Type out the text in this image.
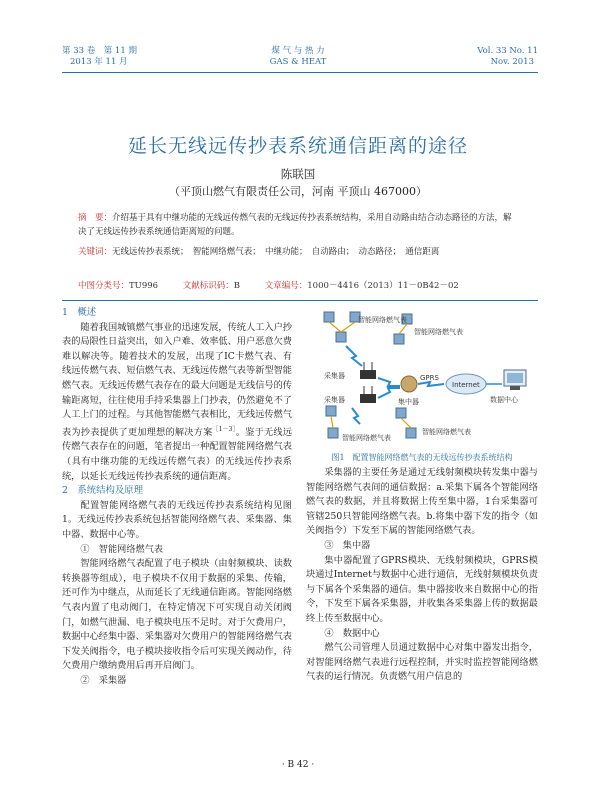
第 33 卷　第 11 期
2013 年 11 月
煤 气 与 热 力
GAS & HEAT
Vol. 33 No. 11
Nov. 2013
延长无线远传抄表系统通信距离的途径
陈联国
（平顶山燃气有限责任公司，河南 平顶山 467000）
摘　要：介绍基于具有中继功能的无线远传燃气表的无线远传抄表系统结构，采用自动路由结合动态路径的方法，解决了无线远传抄表系统通信距离短的问题。
关键词：无线远传抄表系统；　智能网络燃气表；　中继功能；　自动路由；　动态路径；　通信距离
中图分类号：TU996	文献标识码：B	文章编号：1000－4416（2013）11－0B42－02

1　概述

随着我国城镇燃气事业的迅速发展，传统人工入户抄表的局限性日益突出，如入户难、效率低、用户恶意欠费难以解决等。随着技术的发展，出现了IC卡燃气表、有线远传燃气表、短信燃气表、无线远传燃气表等新型智能燃气表。无线远传燃气表存在的最大问题是无线信号的传输距离短，往往使用手持采集器上门抄表，仍然避免不了人工上门的过程。与其他智能燃气表相比，无线远传燃气表为抄表提供了更加理想的解决方案$^{[1-3]}$。鉴于无线远传燃气表存在的问题，笔者提出一种配置智能网络燃气表（具有中继功能的无线远传燃气表）的无线远传抄表系统，以延长无线远传抄表系统的通信距离。

2　系统结构及原理

配置智能网络燃气表的无线远传抄表系统结构见图1。无线远传抄表系统包括智能网络燃气表、采集器、集中器、数据中心等。

①　智能网络燃气表

智能网络燃气表配置了电子模块（由射频模块、读数转换器等组成），电子模块不仅用于数据的采集、传输，还可作为中继点，从而延长了无线通信距离。智能网络燃气表内置了电动阀门，在特定情况下可实现自动关闭阀门，如燃气泄漏、电子模块电压不足时。对于欠费用户，数据中心经集中器、采集器对欠费用户的智能网络燃气表下发关阀指令，电子模块接收指令后可实现关阀动作，待欠费用户缴纳费用后再开启阀门。

②　采集器

智能网络燃气表
智能网络燃气表
采集器
采集器	集中器
GPRS
Internet
数据中心
智能网络燃气表
智能网络燃气表
图1　配置智能网络燃气表的无线远传抄表系统结构

采集器的主要任务是通过无线射频模块转发集中器与智能网络燃气表间的通信数据：a.采集下属各个智能网络燃气表的数据，并且将数据上传至集中器，1台采集器可管辖250只智能网络燃气表。b.将集中器下发的指令（如关阀指令）下发至下属的智能网络燃气表。

③　集中器

集中器配置了GPRS模块、无线射频模块，GPRS模块通过Internet与数据中心进行通信，无线射频模块负责与下属各个采集器的通信。集中器接收来自数据中心的指令，下发至下属各采集器，并收集各采集器上传的数据最终上传至数据中心。

④　数据中心

燃气公司管理人员通过数据中心对集中器发出指令，对智能网络燃气表进行远程控制，并实时监控智能网络燃气表的运行情况。负责燃气用户信息的

· B 42 ·
